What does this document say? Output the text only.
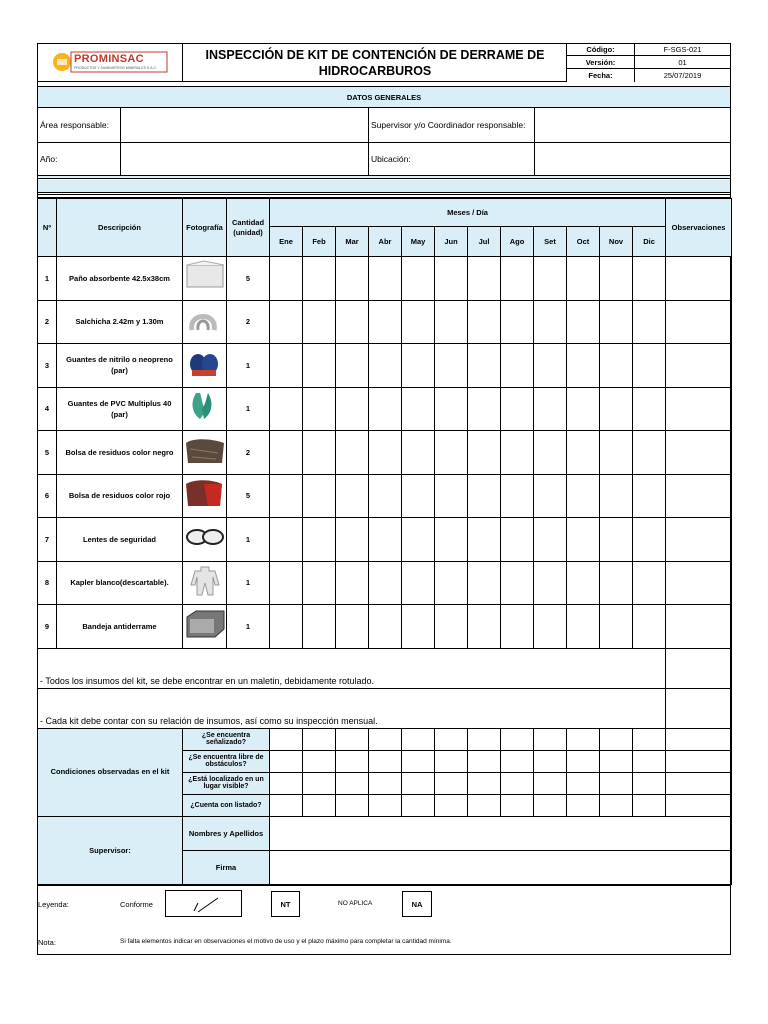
PROMINSAC
PRODUCTOS Y SUMINISTROS MINERALES S.A.C.
INSPECCIÓN DE KIT DE CONTENCIÓN DE DERRAME DE HIDROCARBUROS
Código:	F-SGS-021
Versión:	01
Fecha:	25/07/2019
DATOS GENERALES
Área responsable:	Supervisor y/o Coordinador responsable:
Año:	Ubicación:
Nº	Descripción	Fotografía	Cantidad (unidad)	Meses / Día												Observaciones
				Ene	Feb	Mar	Abr	May	Jun	Jul	Ago	Set	Oct	Nov	Dic	
1	Paño absorbente 42.5x38cm		5													
2	Salchicha 2.42m y 1.30m		2													
3	Guantes de nitrilo o neopreno (par)		1													
4	Guantes de PVC Multiplus 40 (par)		1													
5	Bolsa de residuos color negro		2													
6	Bolsa de residuos color rojo		5													
7	Lentes de seguridad		1													
8	Kapler blanco(descartable).		1													
9	Bandeja antiderrame		1													
- Todos los insumos del kit, se debe encontrar en un maletin, debidamente rotulado.																
- Cada kit debe contar con su relación de insumos, así como su inspección mensual.																
Condiciones observadas en el kit		¿Se encuentra señalizado?														
		¿Se encuentra libre de obstáculos?														
		¿Está localizado en un lugar visible?														
		¿Cuenta con listado?														
Supervisor:		Nombres y Apellidos														
		Firma														
Leyenda:	Conforme	NT	NO APLICA	NA
Nota:	Si falta elementos indicar en observaciones el motivo de uso y el plazo máximo para completar la cantidad mínima.
